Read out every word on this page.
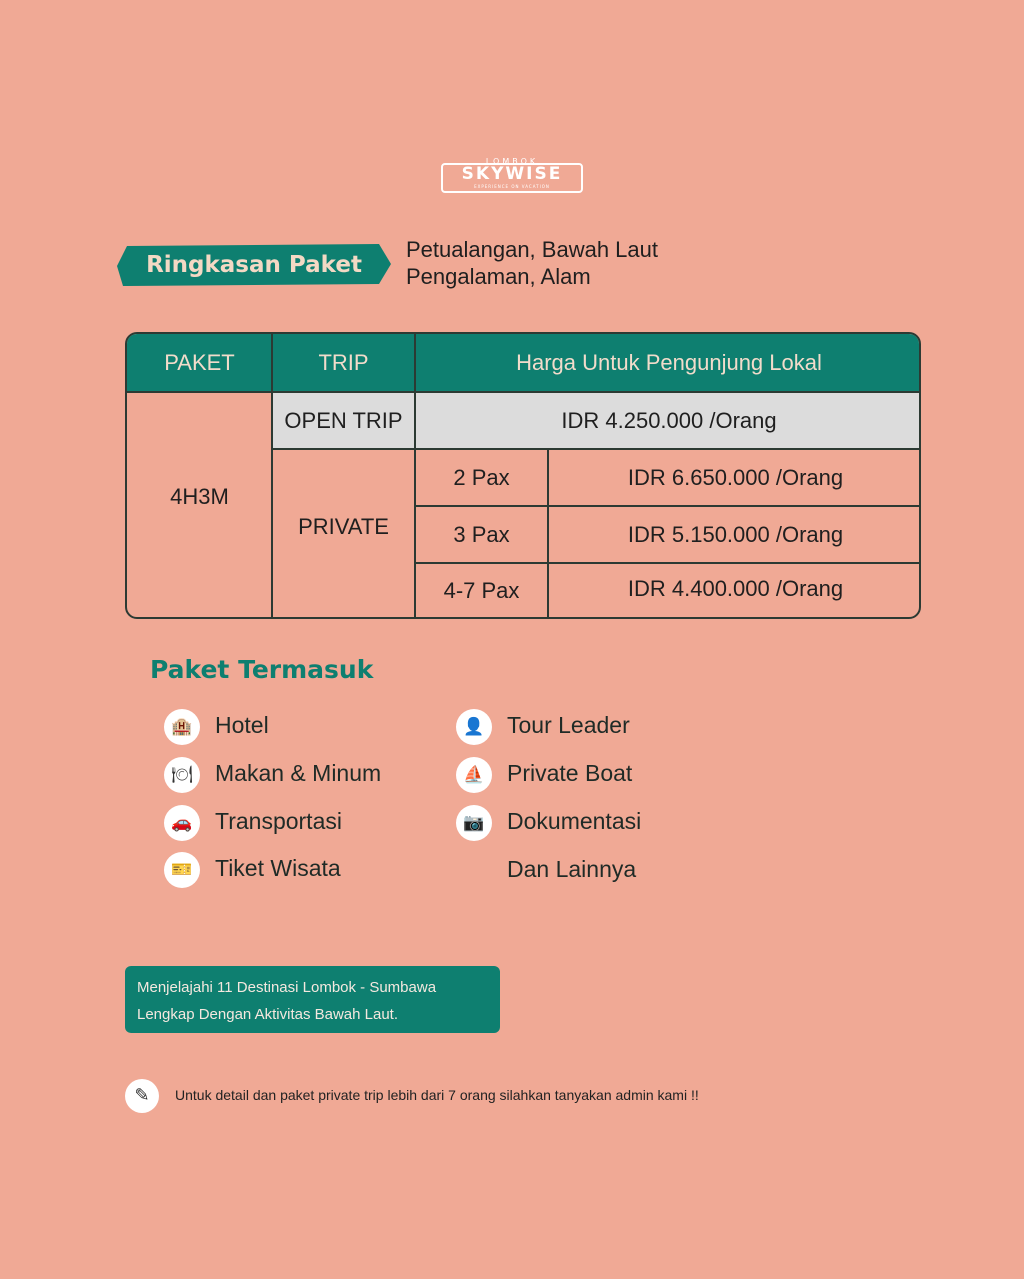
LOMBOK
SKYWISE
EXPERIENCE ON VACATION
Ringkasan Paket
Petualangan, Bawah Laut
Pengalaman, Alam
PAKET	TRIP	Harga Untuk Pengunjung Lokal
4H3M
OPEN TRIP	IDR 4.250.000 /Orang
PRIVATE
2 Pax	IDR 6.650.000 /Orang
3 Pax	IDR 5.150.000 /Orang
4-7 Pax	IDR 4.400.000 /Orang
Paket Termasuk
🏨 Hotel
🍽 Makan & Minum
🚗 Transportasi
🎫 Tiket Wisata
👤 Tour Leader
⛵ Private Boat
📷 Dokumentasi
Dan Lainnya
Menjelajahi 11 Destinasi Lombok - Sumbawa
Lengkap Dengan Aktivitas Bawah Laut.
✎	Untuk detail dan paket private trip lebih dari 7 orang silahkan tanyakan admin kami !!
